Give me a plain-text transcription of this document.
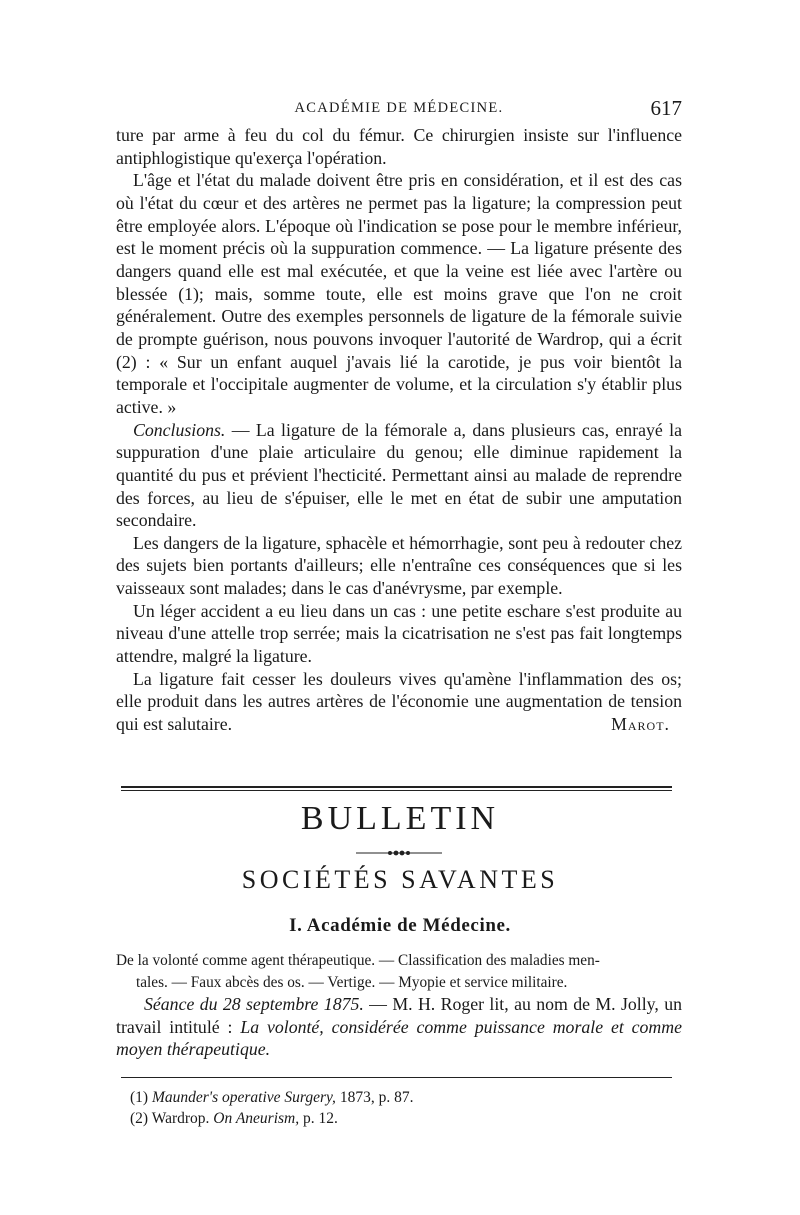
ACADÉMIE DE MÉDECINE.	617

ture par arme à feu du col du fémur. Ce chirurgien insiste sur l'influence antiphlogistique qu'exerça l'opération.

L'âge et l'état du malade doivent être pris en considération, et il est des cas où l'état du cœur et des artères ne permet pas la ligature; la compression peut être employée alors. L'époque où l'indication se pose pour le membre inférieur, est le moment précis où la suppuration commence. — La ligature présente des dangers quand elle est mal exécutée, et que la veine est liée avec l'artère ou blessée (1); mais, somme toute, elle est moins grave que l'on ne croit généralement. Outre des exemples personnels de ligature de la fémorale suivie de prompte guérison, nous pouvons invoquer l'autorité de Wardrop, qui a écrit (2) : « Sur un enfant auquel j'avais lié la carotide, je pus voir bientôt la temporale et l'occipitale augmenter de volume, et la circulation s'y établir plus active. »

Conclusions. — La ligature de la fémorale a, dans plusieurs cas, enrayé la suppuration d'une plaie articulaire du genou; elle diminue rapidement la quantité du pus et prévient l'hecticité. Permettant ainsi au malade de reprendre des forces, au lieu de s'épuiser, elle le met en état de subir une amputation secondaire.

Les dangers de la ligature, sphacèle et hémorrhagie, sont peu à redouter chez des sujets bien portants d'ailleurs; elle n'entraîne ces conséquences que si les vaisseaux sont malades; dans le cas d'anévrysme, par exemple.

Un léger accident a eu lieu dans un cas : une petite eschare s'est produite au niveau d'une attelle trop serrée; mais la cicatrisation ne s'est pas fait longtemps attendre, malgré la ligature.

La ligature fait cesser les douleurs vives qu'amène l'inflammation des os; elle produit dans les autres artères de l'économie une augmentation de tension qui est salutaire.	Marot.

BULLETIN
SOCIÉTÉS SAVANTES
I. Académie de Médecine.
De la volonté comme agent thérapeutique. — Classification des maladies men-
tales. — Faux abcès des os. — Vertige. — Myopie et service militaire.

Séance du 28 septembre 1875. — M. H. Roger lit, au nom de M. Jolly, un travail intitulé : La volonté, considérée comme puissance morale et comme moyen thérapeutique.

(1) Maunder's operative Surgery, 1873, p. 87.
(2) Wardrop. On Aneurism, p. 12.
